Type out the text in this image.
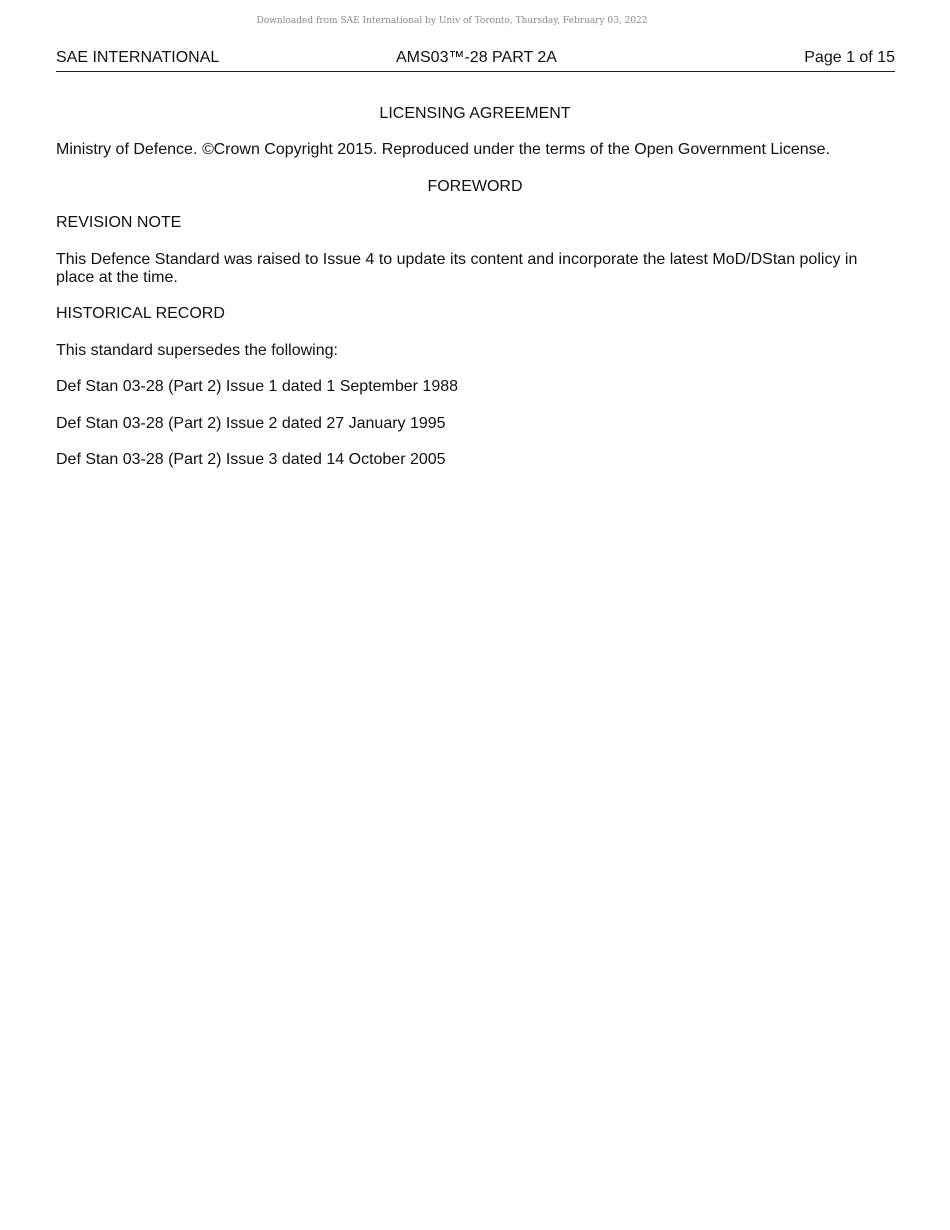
Downloaded from SAE International by Univ of Toronto, Thursday, February 03, 2022
SAE INTERNATIONAL	AMS03™-28 PART 2A	Page 1 of 15
LICENSING AGREEMENT
Ministry of Defence. ©Crown Copyright 2015. Reproduced under the terms of the Open Government License.
FOREWORD
REVISION NOTE
This Defence Standard was raised to Issue 4 to update its content and incorporate the latest MoD/DStan policy in place at the time.
HISTORICAL RECORD
This standard supersedes the following:
Def Stan 03-28 (Part 2) Issue 1 dated 1 September 1988
Def Stan 03-28 (Part 2) Issue 2 dated 27 January 1995
Def Stan 03-28 (Part 2) Issue 3 dated 14 October 2005
